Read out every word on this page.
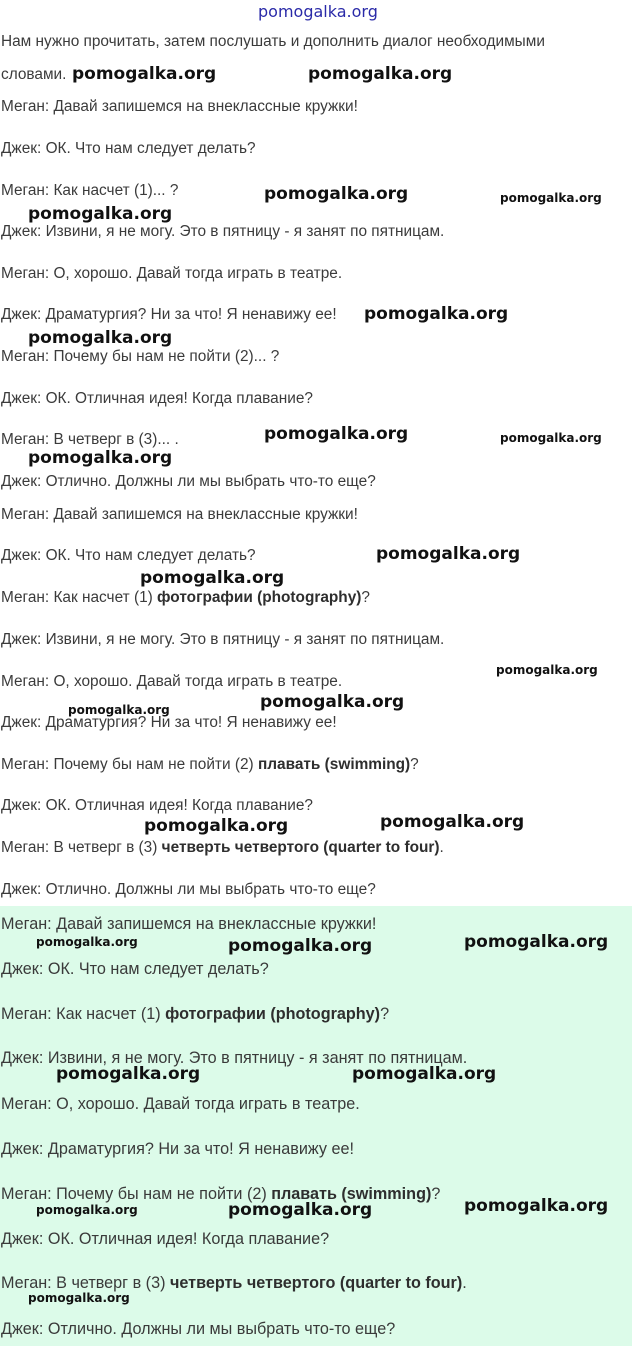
pomogalka.org
Нам нужно прочитать, затем послушать и дополнить диалог необходимыми
словами.
Меган: Давай запишемся на внеклассные кружки!
Джек: ОК. Что нам следует делать?
Меган: Как насчет (1)... ?
Джек: Извини, я не могу. Это в пятницу - я занят по пятницам.
Меган: О, хорошо. Давай тогда играть в театре.
Джек: Драматургия? Ни за что! Я ненавижу ее!
Меган: Почему бы нам не пойти (2)... ?
Джек: ОК. Отличная идея! Когда плавание?
Меган: В четверг в (3)... .
Джек: Отлично. Должны ли мы выбрать что-то еще?
Меган: Давай запишемся на внеклассные кружки!
Джек: ОК. Что нам следует делать?
Меган: Как насчет (1) фотографии (photography)?
Джек: Извини, я не могу. Это в пятницу - я занят по пятницам.
Меган: О, хорошо. Давай тогда играть в театре.
Джек: Драматургия? Ни за что! Я ненавижу ее!
Меган: Почему бы нам не пойти (2) плавать (swimming)?
Джек: ОК. Отличная идея! Когда плавание?
Меган: В четверг в (3) четверть четвертого (quarter to four).
Джек: Отлично. Должны ли мы выбрать что-то еще?
Меган: Давай запишемся на внеклассные кружки!
Джек: ОК. Что нам следует делать?
Меган: Как насчет (1) фотографии (photography)?
Джек: Извини, я не могу. Это в пятницу - я занят по пятницам.
Меган: О, хорошо. Давай тогда играть в театре.
Джек: Драматургия? Ни за что! Я ненавижу ее!
Меган: Почему бы нам не пойти (2) плавать (swimming)?
Джек: ОК. Отличная идея! Когда плавание?
Меган: В четверг в (3) четверть четвертого (quarter to four).
Джек: Отлично. Должны ли мы выбрать что-то еще?
pomogalka.org	pomogalka.org
pomogalka.org	pomogalka.org
pomogalka.org
pomogalka.org
pomogalka.org
pomogalka.org	pomogalka.org
pomogalka.org
pomogalka.org
pomogalka.org
pomogalka.org
pomogalka.org
pomogalka.org
pomogalka.org	pomogalka.org
pomogalka.org	pomogalka.org	pomogalka.org
pomogalka.org	pomogalka.org
pomogalka.org	pomogalka.org	pomogalka.org
pomogalka.org
